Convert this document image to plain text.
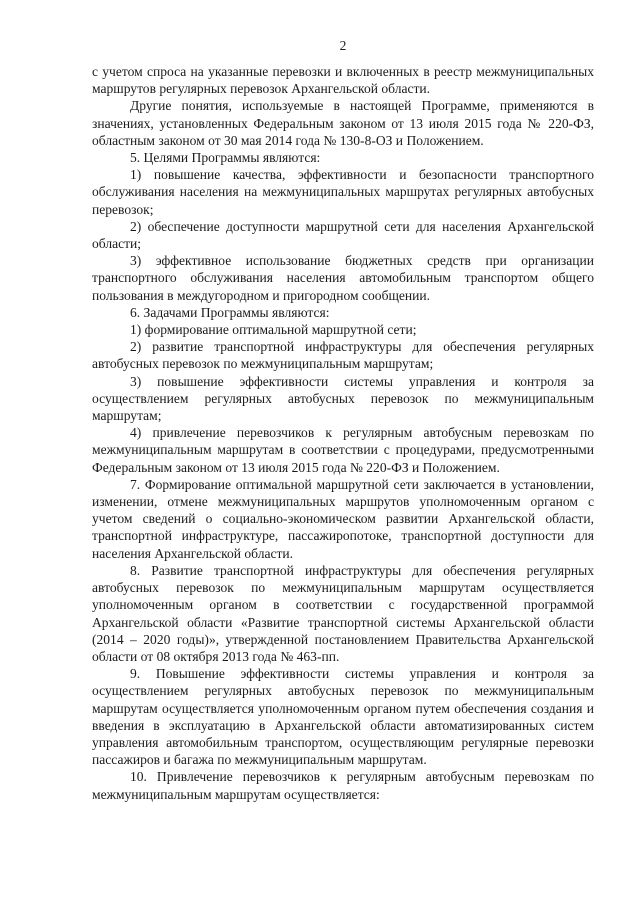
2

с учетом спроса на указанные перевозки и включенных в реестр межмуниципальных маршрутов регулярных перевозок Архангельской области.

Другие понятия, используемые в настоящей Программе, применяются в значениях, установленных Федеральным законом от 13 июля 2015 года № 220-ФЗ, областным законом от 30 мая 2014 года № 130-8-ОЗ и Положением.

5. Целями Программы являются:

1) повышение качества, эффективности и безопасности транспортного обслуживания населения на межмуниципальных маршрутах регулярных автобусных перевозок;

2) обеспечение доступности маршрутной сети для населения Архангельской области;

3) эффективное использование бюджетных средств при организации транспортного обслуживания населения автомобильным транспортом общего пользования в междугородном и пригородном сообщении.

6. Задачами Программы являются:

1) формирование оптимальной маршрутной сети;

2) развитие транспортной инфраструктуры для обеспечения регулярных автобусных перевозок по межмуниципальным маршрутам;

3) повышение эффективности системы управления и контроля за осуществлением регулярных автобусных перевозок по межмуниципальным маршрутам;

4) привлечение перевозчиков к регулярным автобусным перевозкам по межмуниципальным маршрутам в соответствии с процедурами, предусмотренными Федеральным законом от 13 июля 2015 года № 220-ФЗ и Положением.

7. Формирование оптимальной маршрутной сети заключается в установлении, изменении, отмене межмуниципальных маршрутов уполномоченным органом с учетом сведений о социально-экономическом развитии Архангельской области, транспортной инфраструктуре, пассажиропотоке, транспортной доступности для населения Архангельской области.

8. Развитие транспортной инфраструктуры для обеспечения регулярных автобусных перевозок по межмуниципальным маршрутам осуществляется уполномоченным органом в соответствии с государственной программой Архангельской области «Развитие транспортной системы Архангельской области (2014 – 2020 годы)», утвержденной постановлением Правительства Архангельской области от 08 октября 2013 года № 463-пп.

9. Повышение эффективности системы управления и контроля за осуществлением регулярных автобусных перевозок по межмуниципальным маршрутам осуществляется уполномоченным органом путем обеспечения создания и введения в эксплуатацию в Архангельской области автоматизированных систем управления автомобильным транспортом, осуществляющим регулярные перевозки пассажиров и багажа по межмуниципальным маршрутам.

10. Привлечение перевозчиков к регулярным автобусным перевозкам по межмуниципальным маршрутам осуществляется:
